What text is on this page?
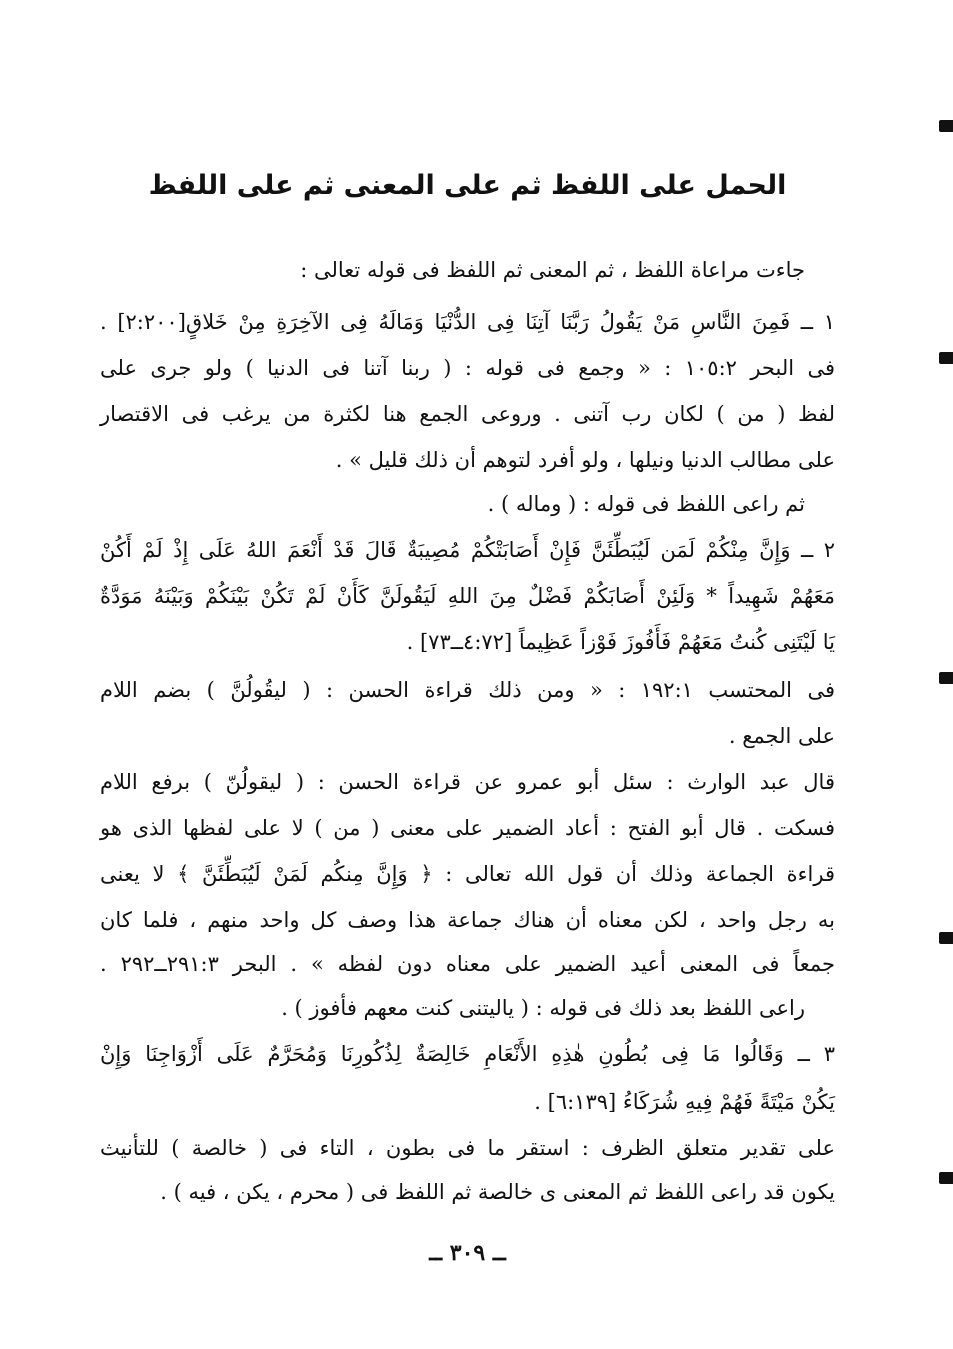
الحمل على اللفظ ثم على المعنى ثم على اللفظ
جاءت مراعاة اللفظ ، ثم المعنى ثم اللفظ فى قوله تعالى :
١ ــ فَمِنَ النَّاسِ مَنْ يَقُولُ رَبَّنَا آتِنَا فِى الدُّنْيَا وَمَالَهُ فِى الآخِرَةِ مِنْ خَلاقٍ[٢:٢٠٠] .
فى البحر ١٠٥:٢ : « وجمع فى قوله : ( ربنا آتنا فى الدنيا ) ولو جرى على
لفظ ( من ) لكان رب آتنى . وروعى الجمع هنا لكثرة من يرغب فى الاقتصار
على مطالب الدنيا ونيلها ، ولو أفرد لتوهم أن ذلك قليل » .
ثم راعى اللفظ فى قوله : ( وماله ) .
٢ ــ وَإِنَّ مِنْكُمْ لَمَن لَيُبَطِّئَنَّ فَإِنْ أَصَابَتْكُمْ مُصِيبَةٌ قَالَ قَدْ أَنْعَمَ اللهُ عَلَى إِذْ لَمْ أَكُنْ
مَعَهُمْ شَهِيداً * وَلَئِنْ أَصَابَكُمْ فَضْلٌ مِنَ اللهِ لَيَقُولَنَّ كَأَنْ لَمْ تَكُنْ بَيْنَكُمْ وَبَيْنَهُ مَوَدَّةٌ
يَا لَيْتَنِى كُنتُ مَعَهُمْ فَأَفُوزَ فَوْزاً عَظِيماً [٤:٧٢ــ٧٣] .
فى المحتسب ١٩٢:١ : « ومن ذلك قراءة الحسن : ( ليقُولُنَّ ) بضم اللام
على الجمع .
قال عبد الوارث : سئل أبو عمرو عن قراءة الحسن : ( ليقولُنّ ) برفع اللام
فسكت . قال أبو الفتح : أعاد الضمير على معنى ( من ) لا على لفظها الذى هو
قراءة الجماعة وذلك أن قول الله تعالى : ﴿ وَإِنَّ مِنكُم لَمَنْ لَيُبَطِّئَنَّ ﴾ لا يعنى
به رجل واحد ، لكن معناه أن هناك جماعة هذا وصف كل واحد منهم ، فلما كان
جمعاً فى المعنى أعيد الضمير على معناه دون لفظه » . البحر ٢٩١:٣ــ٢٩٢ .
راعى اللفظ بعد ذلك فى قوله : ( ياليتنى كنت معهم فأفوز ) .
٣ ــ وَقَالُوا مَا فِى بُطُونِ هٰذِهِ الأَنْعَامِ خَالِصَةٌ لِذُكُورِنَا وَمُحَرَّمٌ عَلَى أَزْوَاجِنَا وَإِنْ
يَكُنْ مَيْتَةً فَهُمْ فِيهِ شُرَكَاءُ [٦:١٣٩] .
على تقدير متعلق الظرف : استقر ما فى بطون ، التاء فى ( خالصة ) للتأنيث
يكون قد راعى اللفظ ثم المعنى ى خالصة ثم اللفظ فى ( محرم ، يكن ، فيه ) .
ــ ٣٠٩ ــ
